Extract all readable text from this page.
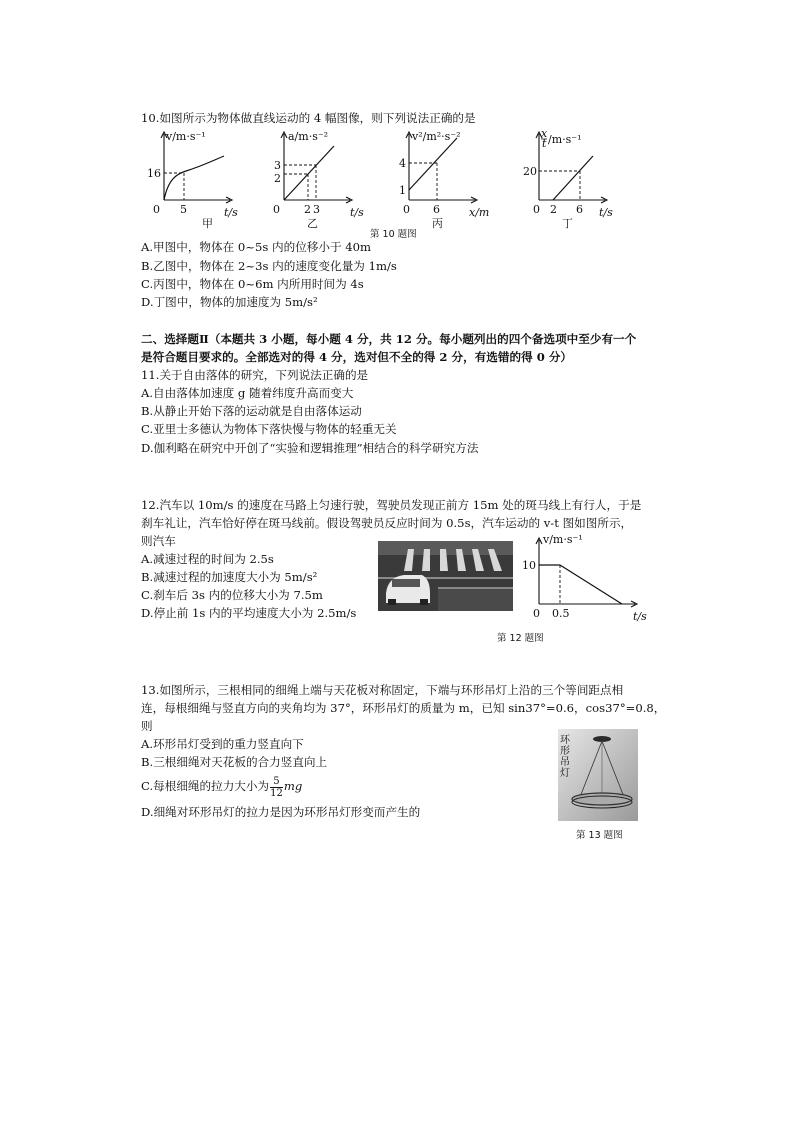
10.如图所示为物体做直线运动的 4 幅图像，则下列说法正确的是
v/m·s⁻¹
16
0 5	t/s
甲
a/m·s⁻²
3
2
0 2 3	t/s
乙
v²/m²·s⁻²
4
1
0 6	x/m
丙
x
t /m·s⁻¹
20
0 2 6 t/s
丁
第 10 题图
A.甲图中，物体在 0~5s 内的位移小于 40m
B.乙图中，物体在 2~3s 内的速度变化量为 1m/s
C.丙图中，物体在 0~6m 内所用时间为 4s
D.丁图中，物体的加速度为 5m/s²
二、选择题Ⅱ（本题共 3 小题，每小题 4 分，共 12 分。每小题列出的四个备选项中至少有一个
是符合题目要求的。全部选对的得 4 分，选对但不全的得 2 分，有选错的得 0 分）
11.关于自由落体的研究，下列说法正确的是
A.自由落体加速度 g 随着纬度升高而变大
B.从静止开始下落的运动就是自由落体运动
C.亚里士多德认为物体下落快慢与物体的轻重无关
D.伽利略在研究中开创了“实验和逻辑推理”相结合的科学研究方法
12.汽车以 10m/s 的速度在马路上匀速行驶，驾驶员发现正前方 15m 处的斑马线上有行人，于是
刹车礼让，汽车恰好停在斑马线前。假设驾驶员反应时间为 0.5s，汽车运动的 v-t 图如图所示，
则汽车
A.减速过程的时间为 2.5s
B.减速过程的加速度大小为 5m/s²
C.刹车后 3s 内的位移大小为 7.5m
D.停止前 1s 内的平均速度大小为 2.5m/s
v/m·s⁻¹
10
0 0.5	t/s
第 12 题图
13.如图所示，三根相同的细绳上端与天花板对称固定，下端与环形吊灯上沿的三个等间距点相
连，每根细绳与竖直方向的夹角均为 37°，环形吊灯的质量为 m，已知 sin37°=0.6，cos37°=0.8，
则
A.环形吊灯受到的重力竖直向下
B.三根细绳对天花板的合力竖直向上
C.每根细绳的拉力大小为 $\frac{5}{12}$ mg
D.细绳对环形吊灯的拉力是因为环形吊灯形变而产生的
环
形
吊
灯
第 13 题图
